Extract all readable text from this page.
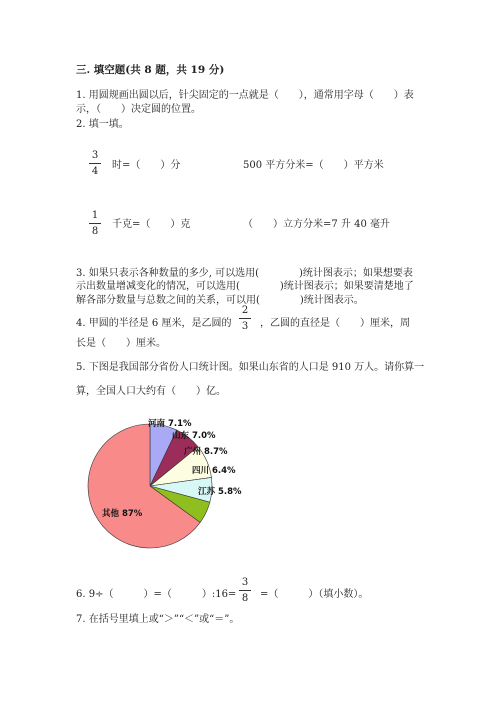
三. 填空题(共 8 题，共 19 分)
1. 用圆规画出圆以后，针尖固定的一点就是（　　），通常用字母（　　）表
示，（　　）决定圆的位置。
2. 填一填。
3
4
时=（　　）分	500 平方分米=（　　）平方米
1
8
千克=（　　）克	（　　）立方分米=7 升 40 毫升
3. 如果只表示各种数量的多少, 可以选用(　　　　)统计图表示；如果想要表
示出数量增减变化的情况，可以选用(　　　　)统计图表示；如果要清楚地了
解各部分数量与总数之间的关系，可以用(　　　　)统计图表示。
4. 甲圆的半径是 6 厘米，是乙圆的
2
3	，乙圆的直径是（　　）厘米，周
长是（　　）厘米。
5. 下图是我国部分省份人口统计图。如果山东省的人口是 910 万人。请你算一
算，全国人口大约有（　　）亿。
河南 7.1%
山东 7.0%
广州 8.7%
四川 6.4%
江苏 5.8%
其他 87%
6. 9÷（　　　）=（　　　）:16=
3
8	=（　　　）（填小数）。
7. 在括号里填上或“＞”“＜”或“＝”。
